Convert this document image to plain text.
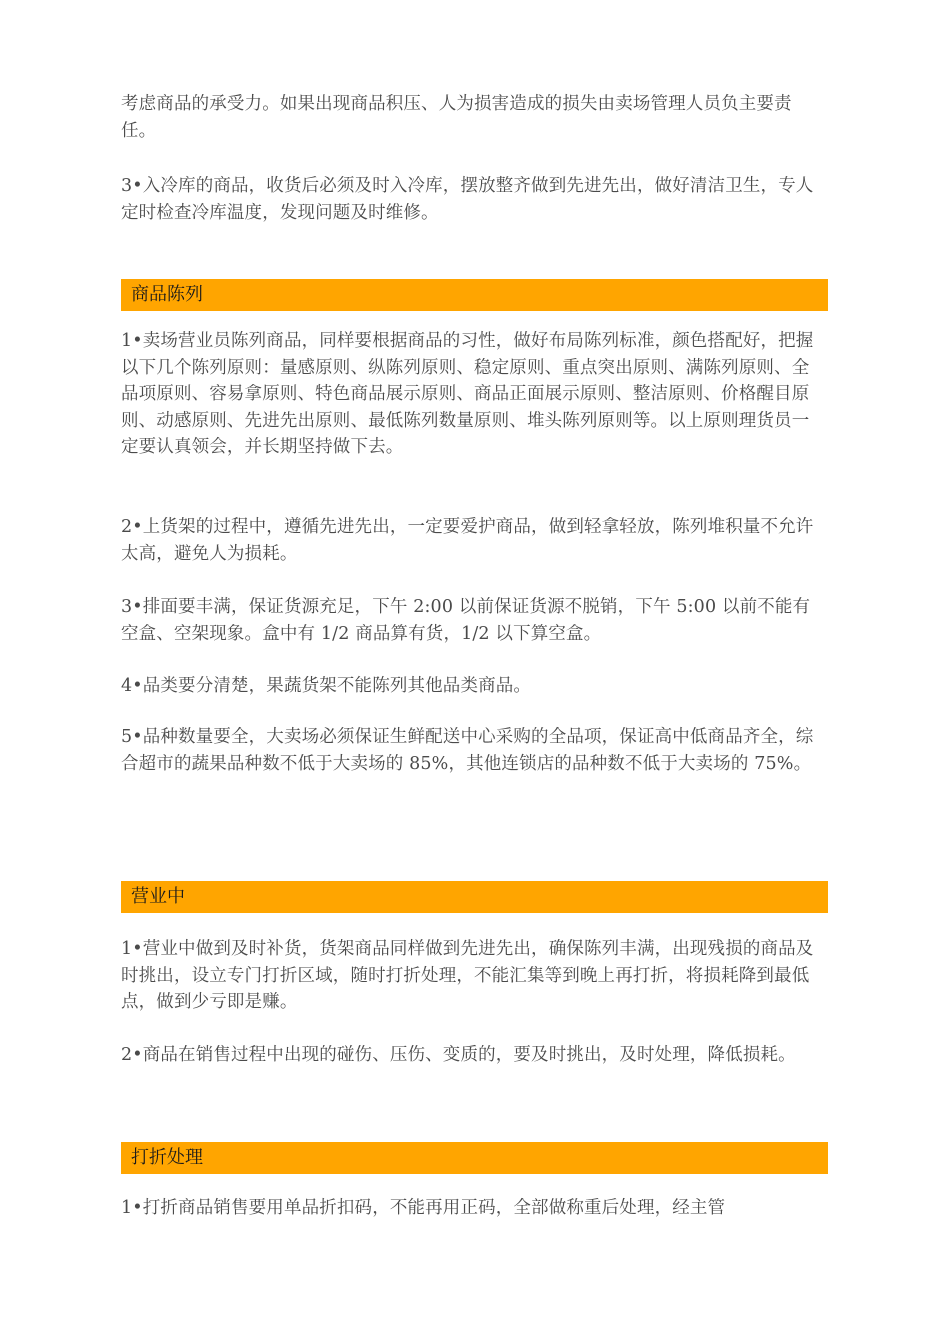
考虑商品的承受力。如果出现商品积压、人为损害造成的损失由卖场管理人员负主要责任。

3•入冷库的商品，收货后必须及时入冷库，摆放整齐做到先进先出，做好清洁卫生，专人定时检查冷库温度，发现问题及时维修。

商品陈列

1•卖场营业员陈列商品，同样要根据商品的习性，做好布局陈列标准，颜色搭配好，把握以下几个陈列原则：量感原则、纵陈列原则、稳定原则、重点突出原则、满陈列原则、全品项原则、容易拿原则、特色商品展示原则、商品正面展示原则、整洁原则、价格醒目原则、动感原则、先进先出原则、最低陈列数量原则、堆头陈列原则等。以上原则理货员一定要认真领会，并长期坚持做下去。

2•上货架的过程中，遵循先进先出，一定要爱护商品，做到轻拿轻放，陈列堆积量不允许太高，避免人为损耗。

3•排面要丰满，保证货源充足，下午 2:00 以前保证货源不脱销，下午 5:00 以前不能有空盒、空架现象。盒中有 1/2 商品算有货，1/2 以下算空盒。

4•品类要分清楚，果蔬货架不能陈列其他品类商品。

5•品种数量要全，大卖场必须保证生鲜配送中心采购的全品项，保证高中低商品齐全，综合超市的蔬果品种数不低于大卖场的 85%，其他连锁店的品种数不低于大卖场的 75%。

营业中

1•营业中做到及时补货，货架商品同样做到先进先出，确保陈列丰满，出现残损的商品及时挑出，设立专门打折区域，随时打折处理，不能汇集等到晚上再打折，将损耗降到最低点，做到少亏即是赚。

2•商品在销售过程中出现的碰伤、压伤、变质的，要及时挑出，及时处理，降低损耗。

打折处理

1•打折商品销售要用单品折扣码，不能再用正码，全部做称重后处理，经主管
